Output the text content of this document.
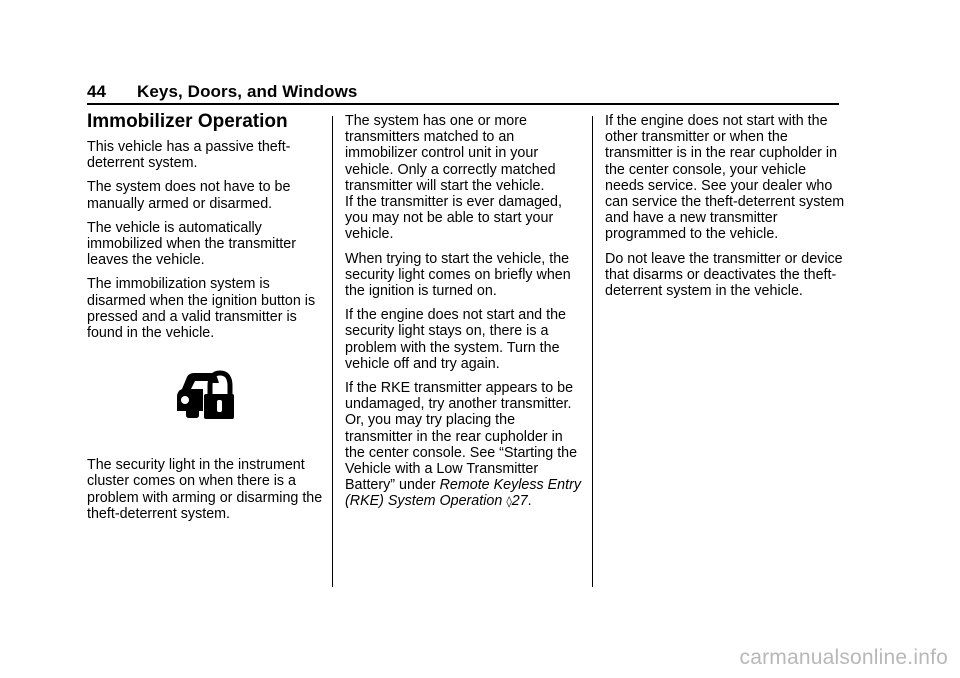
44 Keys, Doors, and Windows
Immobilizer Operation

This vehicle has a passive theft-deterrent system.

The system does not have to be manually armed or disarmed.

The vehicle is automatically immobilized when the transmitter leaves the vehicle.

The immobilization system is disarmed when the ignition button is pressed and a valid transmitter is found in the vehicle.

The security light in the instrument cluster comes on when there is a problem with arming or disarming the theft-deterrent system.

The system has one or more transmitters matched to an immobilizer control unit in your vehicle. Only a correctly matched transmitter will start the vehicle.

If the transmitter is ever damaged, you may not be able to start your vehicle.

When trying to start the vehicle, the security light comes on briefly when the ignition is turned on.

If the engine does not start and the security light stays on, there is a problem with the system. Turn the vehicle off and try again.

If the RKE transmitter appears to be undamaged, try another transmitter. Or, you may try placing the transmitter in the rear cupholder in the center console. See “Starting the Vehicle with a Low Transmitter Battery” under Remote Keyless Entry (RKE) System Operation ◊27.

If the engine does not start with the other transmitter or when the transmitter is in the rear cupholder in the center console, your vehicle needs service. See your dealer who can service the theft-deterrent system and have a new transmitter programmed to the vehicle.

Do not leave the transmitter or device that disarms or deactivates the theft-deterrent system in the vehicle.

carmanualsonline.info
